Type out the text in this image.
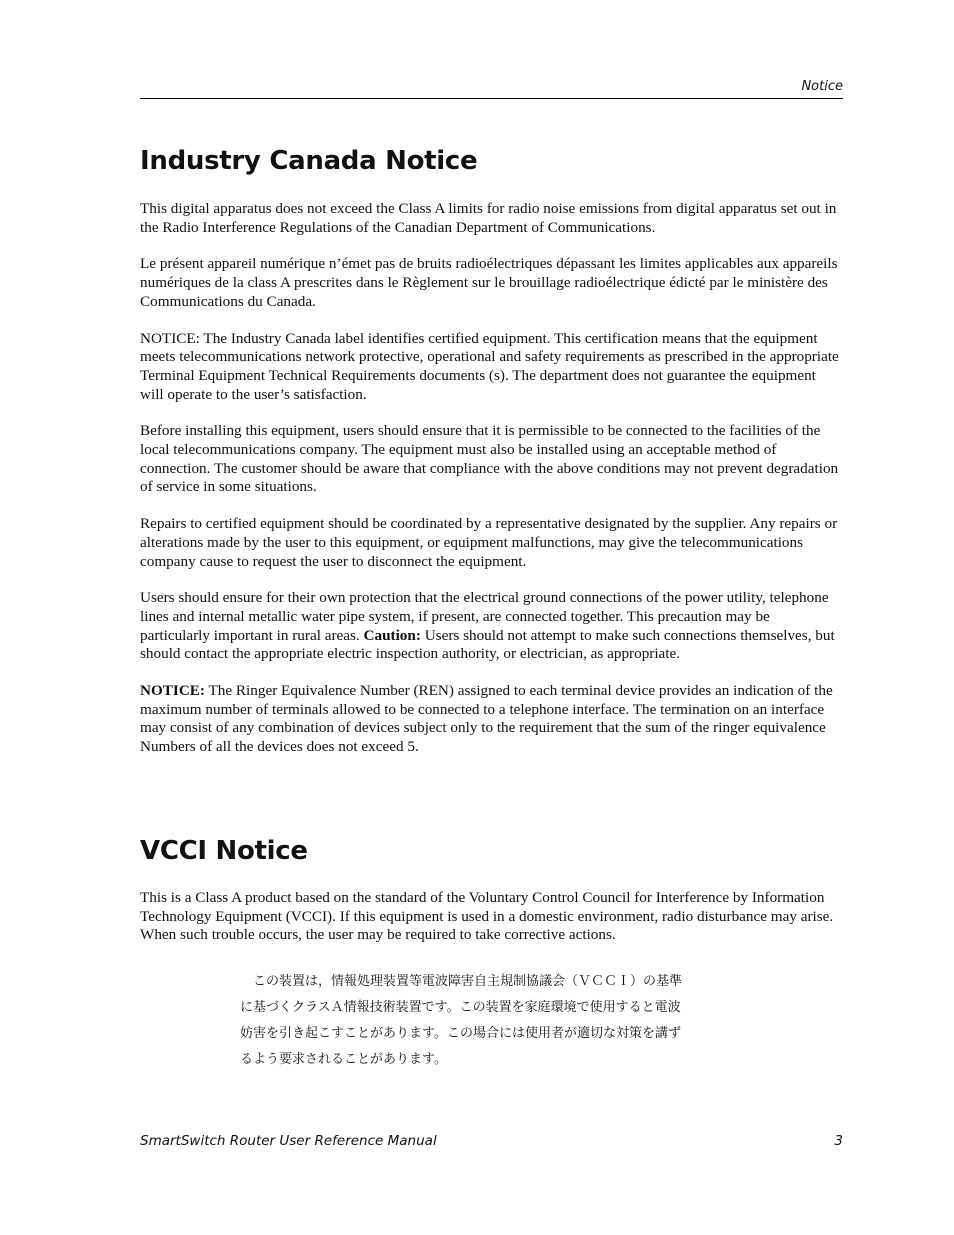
Notice
Industry Canada Notice

This digital apparatus does not exceed the Class A limits for radio noise emissions from digital apparatus set out in the Radio Interference Regulations of the Canadian Department of Communications.

Le présent appareil numérique n’émet pas de bruits radioélectriques dépassant les limites applicables aux appareils numériques de la class A prescrites dans le Règlement sur le brouillage radioélectrique édicté par le ministère des Communications du Canada.

NOTICE: The Industry Canada label identifies certified equipment. This certification means that the equipment meets telecommunications network protective, operational and safety requirements as prescribed in the appropriate Terminal Equipment Technical Requirements documents (s). The department does not guarantee the equipment will operate to the user’s satisfaction.

Before installing this equipment, users should ensure that it is permissible to be connected to the facilities of the local telecommunications company. The equipment must also be installed using an acceptable method of connection. The customer should be aware that compliance with the above conditions may not prevent degradation of service in some situations.

Repairs to certified equipment should be coordinated by a representative designated by the supplier. Any repairs or alterations made by the user to this equipment, or equipment malfunctions, may give the telecommunications company cause to request the user to disconnect the equipment.

Users should ensure for their own protection that the electrical ground connections of the power utility, telephone lines and internal metallic water pipe system, if present, are connected together. This precaution may be particularly important in rural areas. Caution: Users should not attempt to make such connections themselves, but should contact the appropriate electric inspection authority, or electrician, as appropriate.

NOTICE: The Ringer Equivalence Number (REN) assigned to each terminal device provides an indication of the maximum number of terminals allowed to be connected to a telephone interface. The termination on an interface may consist of any combination of devices subject only to the requirement that the sum of the ringer equivalence Numbers of all the devices does not exceed 5.

VCCI Notice

This is a Class A product based on the standard of the Voluntary Control Council for Interference by Information Technology Equipment (VCCI). If this equipment is used in a domestic environment, radio disturbance may arise. When such trouble occurs, the user may be required to take corrective actions.

　この装置は，情報処理装置等電波障害自主規制協議会（ＶＣＣＩ）の基準
に基づくクラスＡ情報技術装置です。この装置を家庭環境で使用すると電波
妨害を引き起こすことがあります。この場合には使用者が適切な対策を講ず
るよう要求されることがあります。
SmartSwitch Router User Reference Manual	3
